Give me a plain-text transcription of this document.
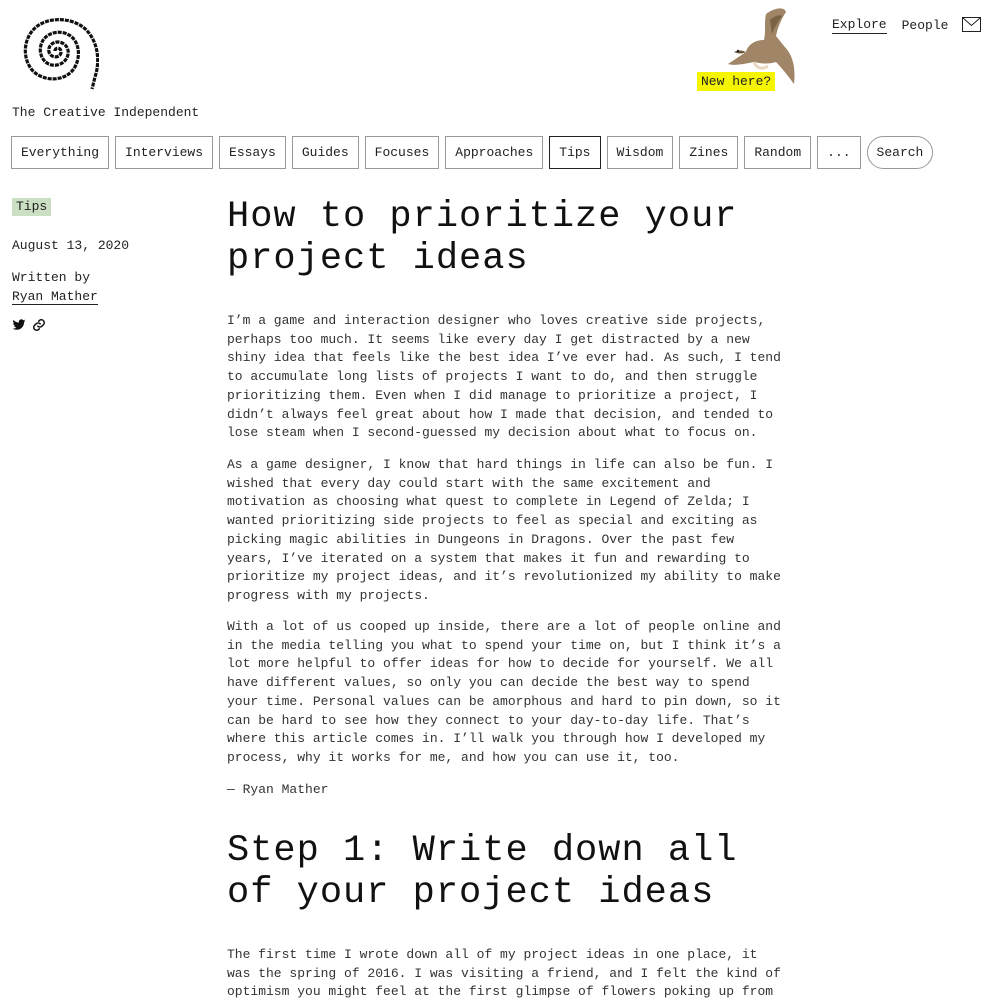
The Creative Independent
New here?
Explore People
Everything	Interviews	Essays	Guides	Focuses	Approaches	Tips	Wisdom	Zines	Random	...	Search
Tips
August 13, 2020
Written by
Ryan Mather
How to prioritize your project ideas

I’m a game and interaction designer who loves creative side projects, perhaps too much. It seems like every day I get distracted by a new shiny idea that feels like the best idea I’ve ever had. As such, I tend to accumulate long lists of projects I want to do, and then struggle prioritizing them. Even when I did manage to prioritize a project, I didn’t always feel great about how I made that decision, and tended to lose steam when I second-guessed my decision about what to focus on.

As a game designer, I know that hard things in life can also be fun. I wished that every day could start with the same excitement and motivation as choosing what quest to complete in Legend of Zelda; I wanted prioritizing side projects to feel as special and exciting as picking magic abilities in Dungeons in Dragons. Over the past few years, I’ve iterated on a system that makes it fun and rewarding to prioritize my project ideas, and it’s revolutionized my ability to make progress with my projects.

With a lot of us cooped up inside, there are a lot of people online and in the media telling you what to spend your time on, but I think it’s a lot more helpful to offer ideas for how to decide for yourself. We all have different values, so only you can decide the best way to spend your time. Personal values can be amorphous and hard to pin down, so it can be hard to see how they connect to your day-to-day life. That’s where this article comes in. I’ll walk you through how I developed my process, why it works for me, and how you can use it, too.

— Ryan Mather

Step 1: Write down all of your project ideas

The first time I wrote down all of my project ideas in one place, it was the spring of 2016. I was visiting a friend, and I felt the kind of optimism you might feel at the first glimpse of flowers poking up from
